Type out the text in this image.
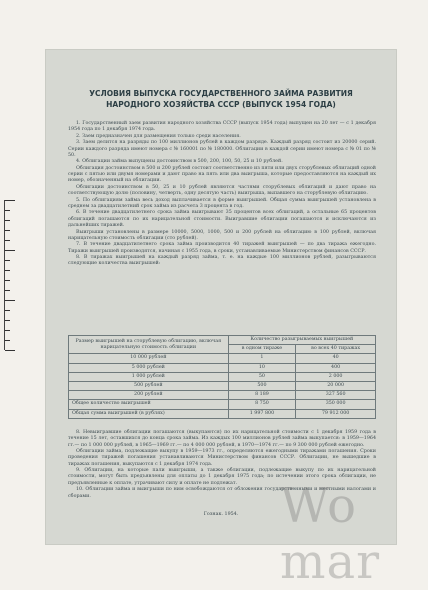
УСЛОВИЯ ВЫПУСКА ГОСУДАРСТВЕННОГО ЗАЙМА РАЗВИТИЯ НАРОДНОГО ХОЗЯЙСТВА СССР (ВЫПУСК 1954 ГОДА)

1. Государственный заем развития народного хозяйства СССР (выпуск 1954 года) выпущен на 20 лет — с 1 декабря 1954 года по 1 декабря 1974 года.

2. Заем предназначен для размещения только среди населения.

3. Заем делится на разряды по 100 миллионов рублей в каждом разряде. Каждый разряд состоит из 20000 серий. Серии каждого разряда имеют номера с № 160001 по № 180000. Облигации в каждой серии имеют номера с № 01 по № 50.

4. Облигации займа выпущены достоинством в 500, 200, 100, 50, 25 и 10 рублей.

Облигация достоинством в 500 и 200 рублей состоит соответственно из пяти или двух сторублевых облигаций одной серии с пятью или двумя номерами и дают право на пять или два выигрыша, которые предоставляются на каждый их номер, обозначенный на облигации.

Облигации достоинством в 50, 25 и 10 рублей являются частями стору6левых облигаций и дают право на соответствующую долю (половину, четверть, одну десятую часть) выигрыша, выпавшего на сторублевую облигацию.

5. По облигациям займа весь доход выплачивается в форме выигрышей. Общая сумма выигрышей установлена в среднем за двадцатилетний срок займа из расчета 3 процента в год.

6. В течение двадцатилетнего срока займа выигрывают 35 процентов всех облигаций, а остальные 65 процентов облигаций погашаются по их нарицательной стоимости. Выигравшие облигации погашаются и исключаются из дальнейших тиражей.

Выигрыши установлены в размере 10000, 5000, 1000, 500 и 200 рублей на облигацию в 100 рублей, включая нарицательную стоимость облигации (сто рублей).

7. В течение двадцатилетнего срока займа производится 40 тиражей выигрышей — по два тиража ежегодно. Тиражи выигрышей производятся, начиная с 1955 года, в сроки, устанавливаемые Министерством финансов СССР.

8. В тиражах выигрышей на каждый разряд займа, т. е. на каждые 100 миллионов рублей, разыгрываются следующие количества выигрышей:

Размер выигрышей на сторублевую облигацию, включая нарицательную стоимость облигации	Количество разыгрываемых выигрышей	
	в одном тираже	во всех 40 тиражах
10 000 рублей	1	40
5 000 рублей	10	400
1 000 рублей	50	2 000
500 рублей	500	20 000
200 рублей	8 189	327 560
Общее количество выигрышей	8 750	350 000
Общая сумма выигрышей (в рублях)	1 997 800	79 912 000

8. Невыигравшие облигации погашаются (выкупаются) по их нарицательной стоимости с 1 декабря 1959 года в течение 15 лет, оставшихся до конца срока займа. Из каждых 100 миллионов рублей займа выкупается: в 1959—1964 гг.— по 1 000 000 рублей, в 1965—1969 гг.— по 4 000 000 рублей, в 1970—1974 гг.— по 9 300 000 рублей ежегодно.

Облигации займа, подлежащие выкупу в 1959—1973 гг., определяются ежегодными тиражами погашения. Сроки проведения тиражей погашения устанавливаются Министерством финансов СССР. Облигации, не вышедшие в тиражах погашения, выкупаются с 1 декабря 1974 года.

9. Облигации, на которые пали выигрыши, а также облигации, подлежащие выкупу по их нарицательной стоимости, могут быть предъявлены для оплаты до 1 декабря 1975 года; по истечении этого срока облигации, не предъявленные к оплате, утрачивают силу и оплате не подлежат.

10. Облигации займа и выигрыши по ним освобождаются от обложения государственными и местными налогами и сборами.

Гознак. 1954. Wo mar
